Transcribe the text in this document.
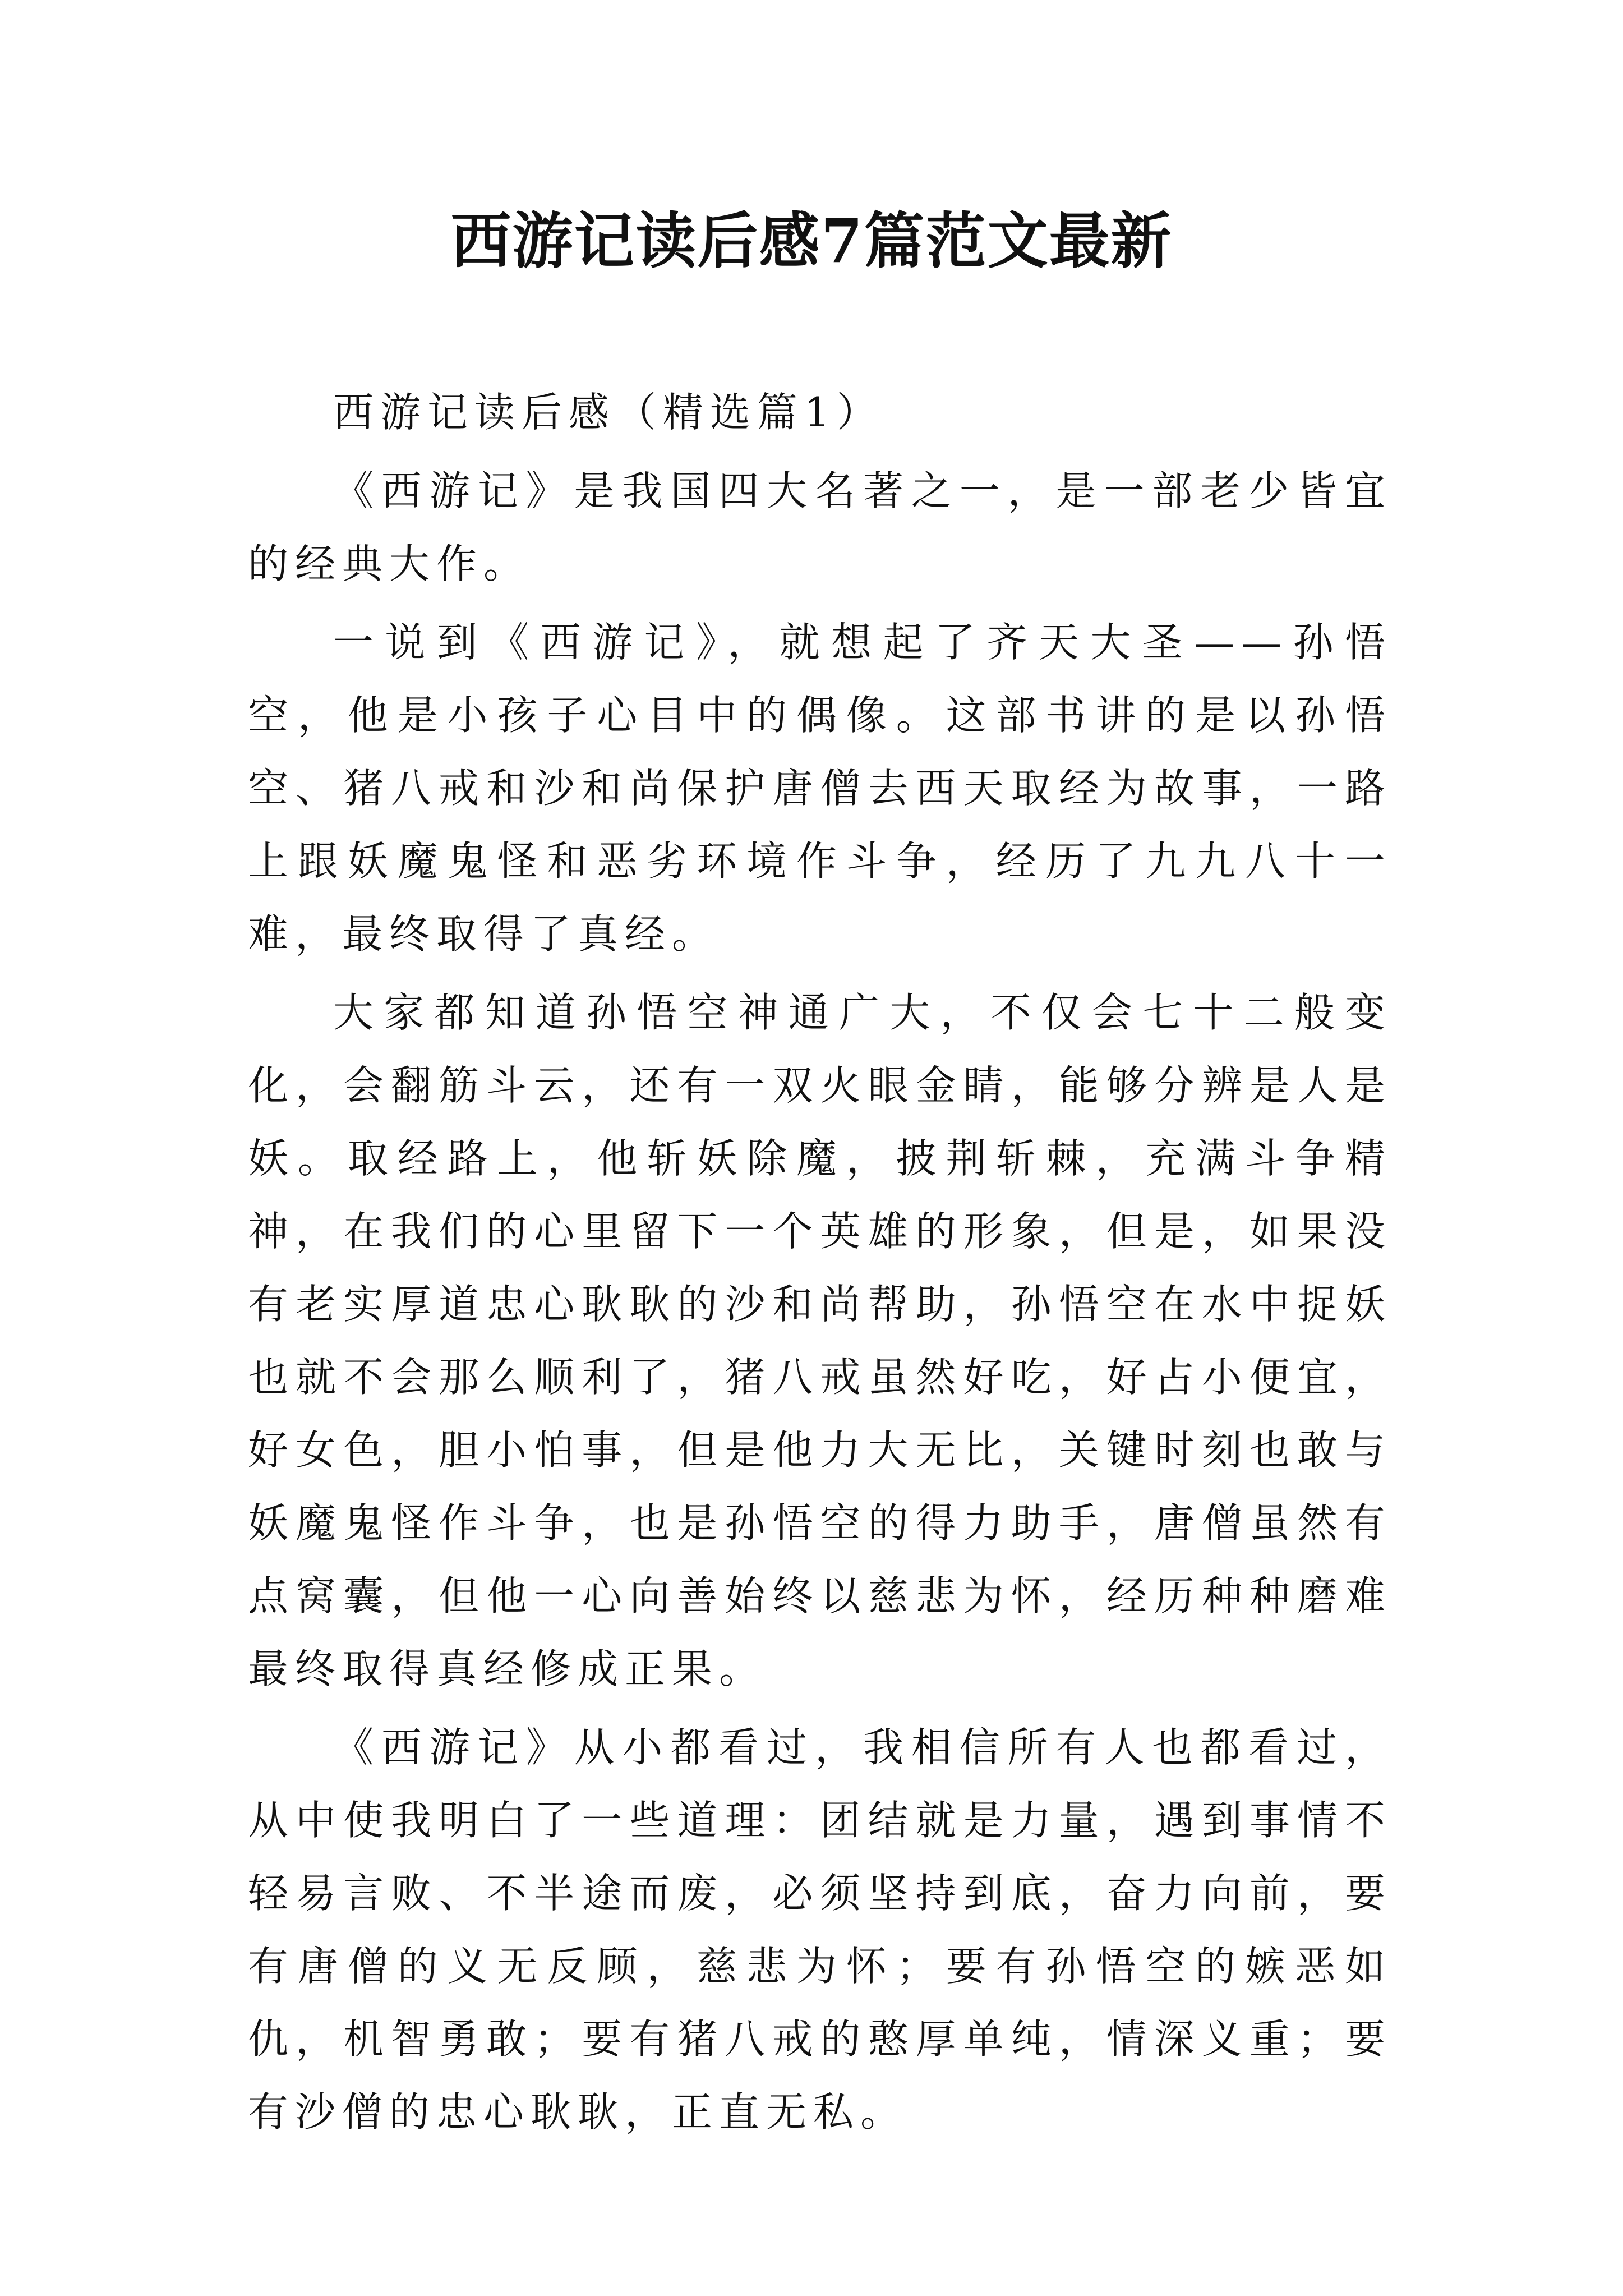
西游记读后感7篇范文最新

西游记读后感（精选篇1）

《西游记》是我国四大名著之一，是一部老少皆宜的经典大作。

一说到《西游记》，就想起了齐天大圣——孙悟空，他是小孩子心目中的偶像。这部书讲的是以孙悟空、猪八戒和沙和尚保护唐僧去西天取经为故事，一路上跟妖魔鬼怪和恶劣环境作斗争，经历了九九八十一难，最终取得了真经。

大家都知道孙悟空神通广大，不仅会七十二般变化，会翻筋斗云，还有一双火眼金睛，能够分辨是人是妖。取经路上，他斩妖除魔，披荆斩棘，充满斗争精神，在我们的心里留下一个英雄的形象，但是，如果没有老实厚道忠心耿耿的沙和尚帮助，孙悟空在水中捉妖也就不会那么顺利了，猪八戒虽然好吃，好占小便宜，好女色，胆小怕事，但是他力大无比，关键时刻也敢与妖魔鬼怪作斗争，也是孙悟空的得力助手，唐僧虽然有点窝囊，但他一心向善始终以慈悲为怀，经历种种磨难最终取得真经修成正果。

《西游记》从小都看过，我相信所有人也都看过，从中使我明白了一些道理：团结就是力量，遇到事情不轻易言败、不半途而废，必须坚持到底，奋力向前，要有唐僧的义无反顾，慈悲为怀；要有孙悟空的嫉恶如仇，机智勇敢；要有猪八戒的憨厚单纯，情深义重；要有沙僧的忠心耿耿，正直无私。
